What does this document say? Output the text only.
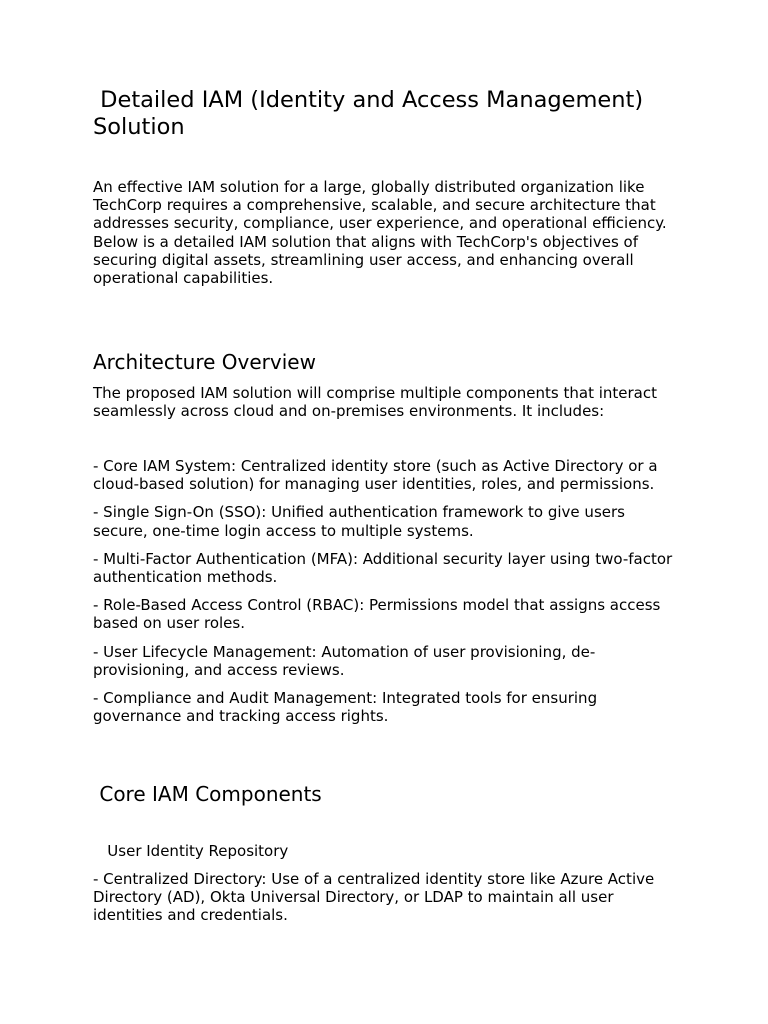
Detailed IAM (Identity and Access Management) Solution

An effective IAM solution for a large, globally distributed organization like TechCorp requires a comprehensive, scalable, and secure architecture that addresses security, compliance, user experience, and operational efficiency. Below is a detailed IAM solution that aligns with TechCorp's objectives of securing digital assets, streamlining user access, and enhancing overall operational capabilities.

Architecture Overview

The proposed IAM solution will comprise multiple components that interact seamlessly across cloud and on-premises environments. It includes:

- Core IAM System: Centralized identity store (such as Active Directory or a cloud-based solution) for managing user identities, roles, and permissions.
- Single Sign-On (SSO): Unified authentication framework to give users secure, one-time login access to multiple systems.
- Multi-Factor Authentication (MFA): Additional security layer using two-factor authentication methods.
- Role-Based Access Control (RBAC): Permissions model that assigns access based on user roles.
- User Lifecycle Management: Automation of user provisioning, de-provisioning, and access reviews.
- Compliance and Audit Management: Integrated tools for ensuring governance and tracking access rights.
Core IAM Components
User Identity Repository

- Centralized Directory: Use of a centralized identity store like Azure Active Directory (AD), Okta Universal Directory, or LDAP to maintain all user identities and credentials.
